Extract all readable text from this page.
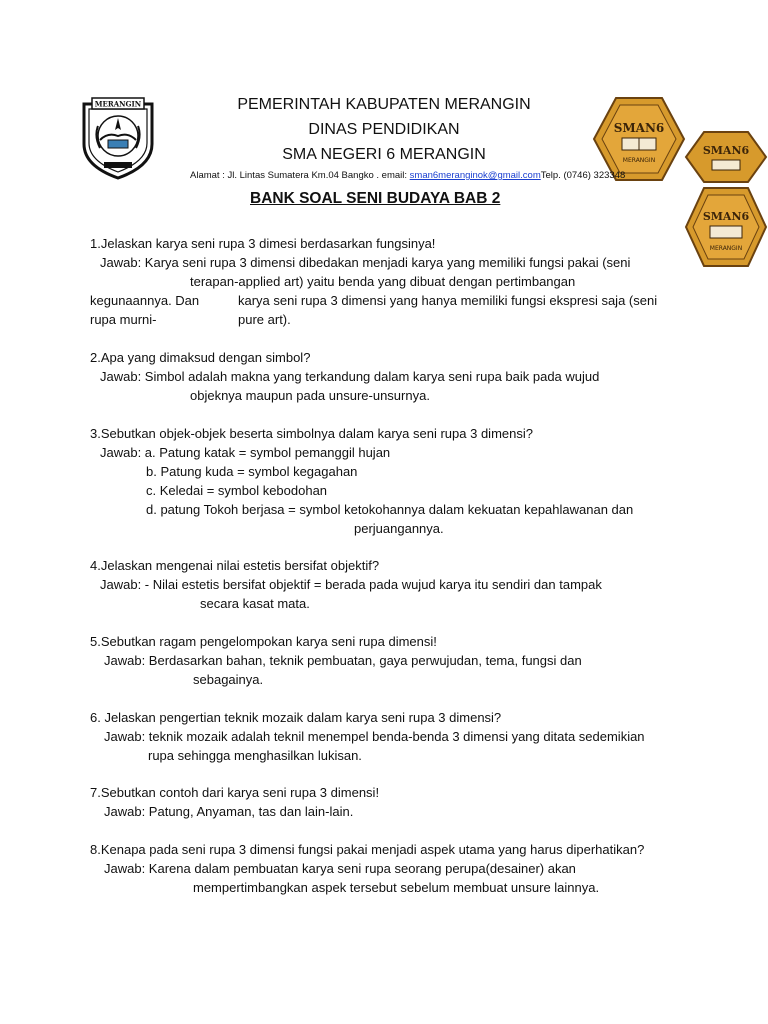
MERANGIN
SMAN6
MERANGIN
SMAN6
SMAN6
MERANGIN
PEMERINTAH KABUPATEN MERANGIN
DINAS PENDIDIKAN
SMA NEGERI 6 MERANGIN
Alamat : Jl. Lintas Sumatera Km.04 Bangko . email: sman6meranginok@gmail.comTelp. (0746) 323348
BANK SOAL SENI BUDAYA BAB 2
1.Jelaskan karya seni rupa 3 dimesi berdasarkan fungsinya!
Jawab: Karya seni rupa 3 dimensi dibedakan menjadi karya yang memiliki fungsi pakai (seni
terapan-applied art) yaitu benda yang dibuat dengan pertimbangan
kegunaannya. Dan	karya seni rupa 3 dimensi yang hanya memiliki fungsi ekspresi saja (seni
rupa murni-	pure art).
2.Apa yang dimaksud dengan simbol?
Jawab: Simbol adalah makna yang terkandung dalam karya seni rupa baik pada wujud
objeknya maupun pada unsure-unsurnya.
3.Sebutkan objek-objek beserta simbolnya dalam karya seni rupa 3 dimensi?
Jawab: a. Patung katak = symbol pemanggil hujan
b. Patung kuda = symbol kegagahan
c. Keledai = symbol kebodohan
d. patung Tokoh berjasa = symbol ketokohannya dalam kekuatan kepahlawanan dan
perjuangannya.
4.Jelaskan mengenai nilai estetis bersifat objektif?
Jawab: - Nilai estetis bersifat objektif = berada pada wujud karya itu sendiri dan tampak
secara kasat mata.
5.Sebutkan ragam pengelompokan karya seni rupa dimensi!
Jawab: Berdasarkan bahan, teknik pembuatan, gaya perwujudan, tema, fungsi dan
sebagainya.
6. Jelaskan pengertian teknik mozaik dalam karya seni rupa 3 dimensi?
Jawab: teknik mozaik adalah teknil menempel benda-benda 3 dimensi yang ditata sedemikian
rupa sehingga menghasilkan lukisan.
7.Sebutkan contoh dari karya seni rupa 3 dimensi!
Jawab: Patung, Anyaman, tas dan lain-lain.
8.Kenapa pada seni rupa 3 dimensi fungsi pakai menjadi aspek utama yang harus diperhatikan?
Jawab: Karena dalam pembuatan karya seni rupa seorang perupa(desainer) akan
mempertimbangkan aspek tersebut sebelum membuat unsure lainnya.
